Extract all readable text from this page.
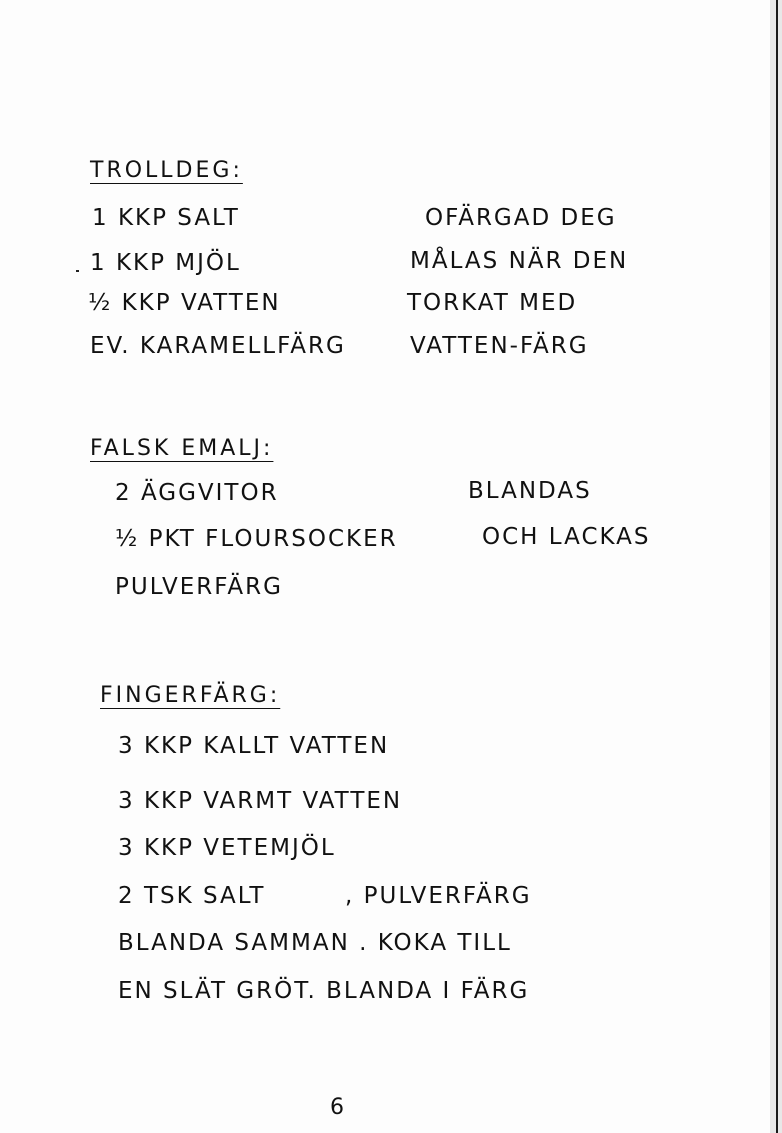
TROLLDEG:
1 KKP SALT
1 KKP MJÖL
½ KKP VATTEN
EV. KARAMELLFÄRG
OFÄRGAD DEG
MÅLAS NÄR DEN
TORKAT MED
VATTEN-FÄRG
FALSK EMALJ:
2 ÄGGVITOR
½ PKT FLOURSOCKER
PULVERFÄRG
BLANDAS
OCH LACKAS
FINGERFÄRG:
3 KKP KALLT VATTEN
3 KKP VARMT VATTEN
3 KKP VETEMJÖL
2 TSK SALT	, PULVERFÄRG
BLANDA SAMMAN . KOKA TILL
EN SLÄT GRÖT. BLANDA I FÄRG
6
